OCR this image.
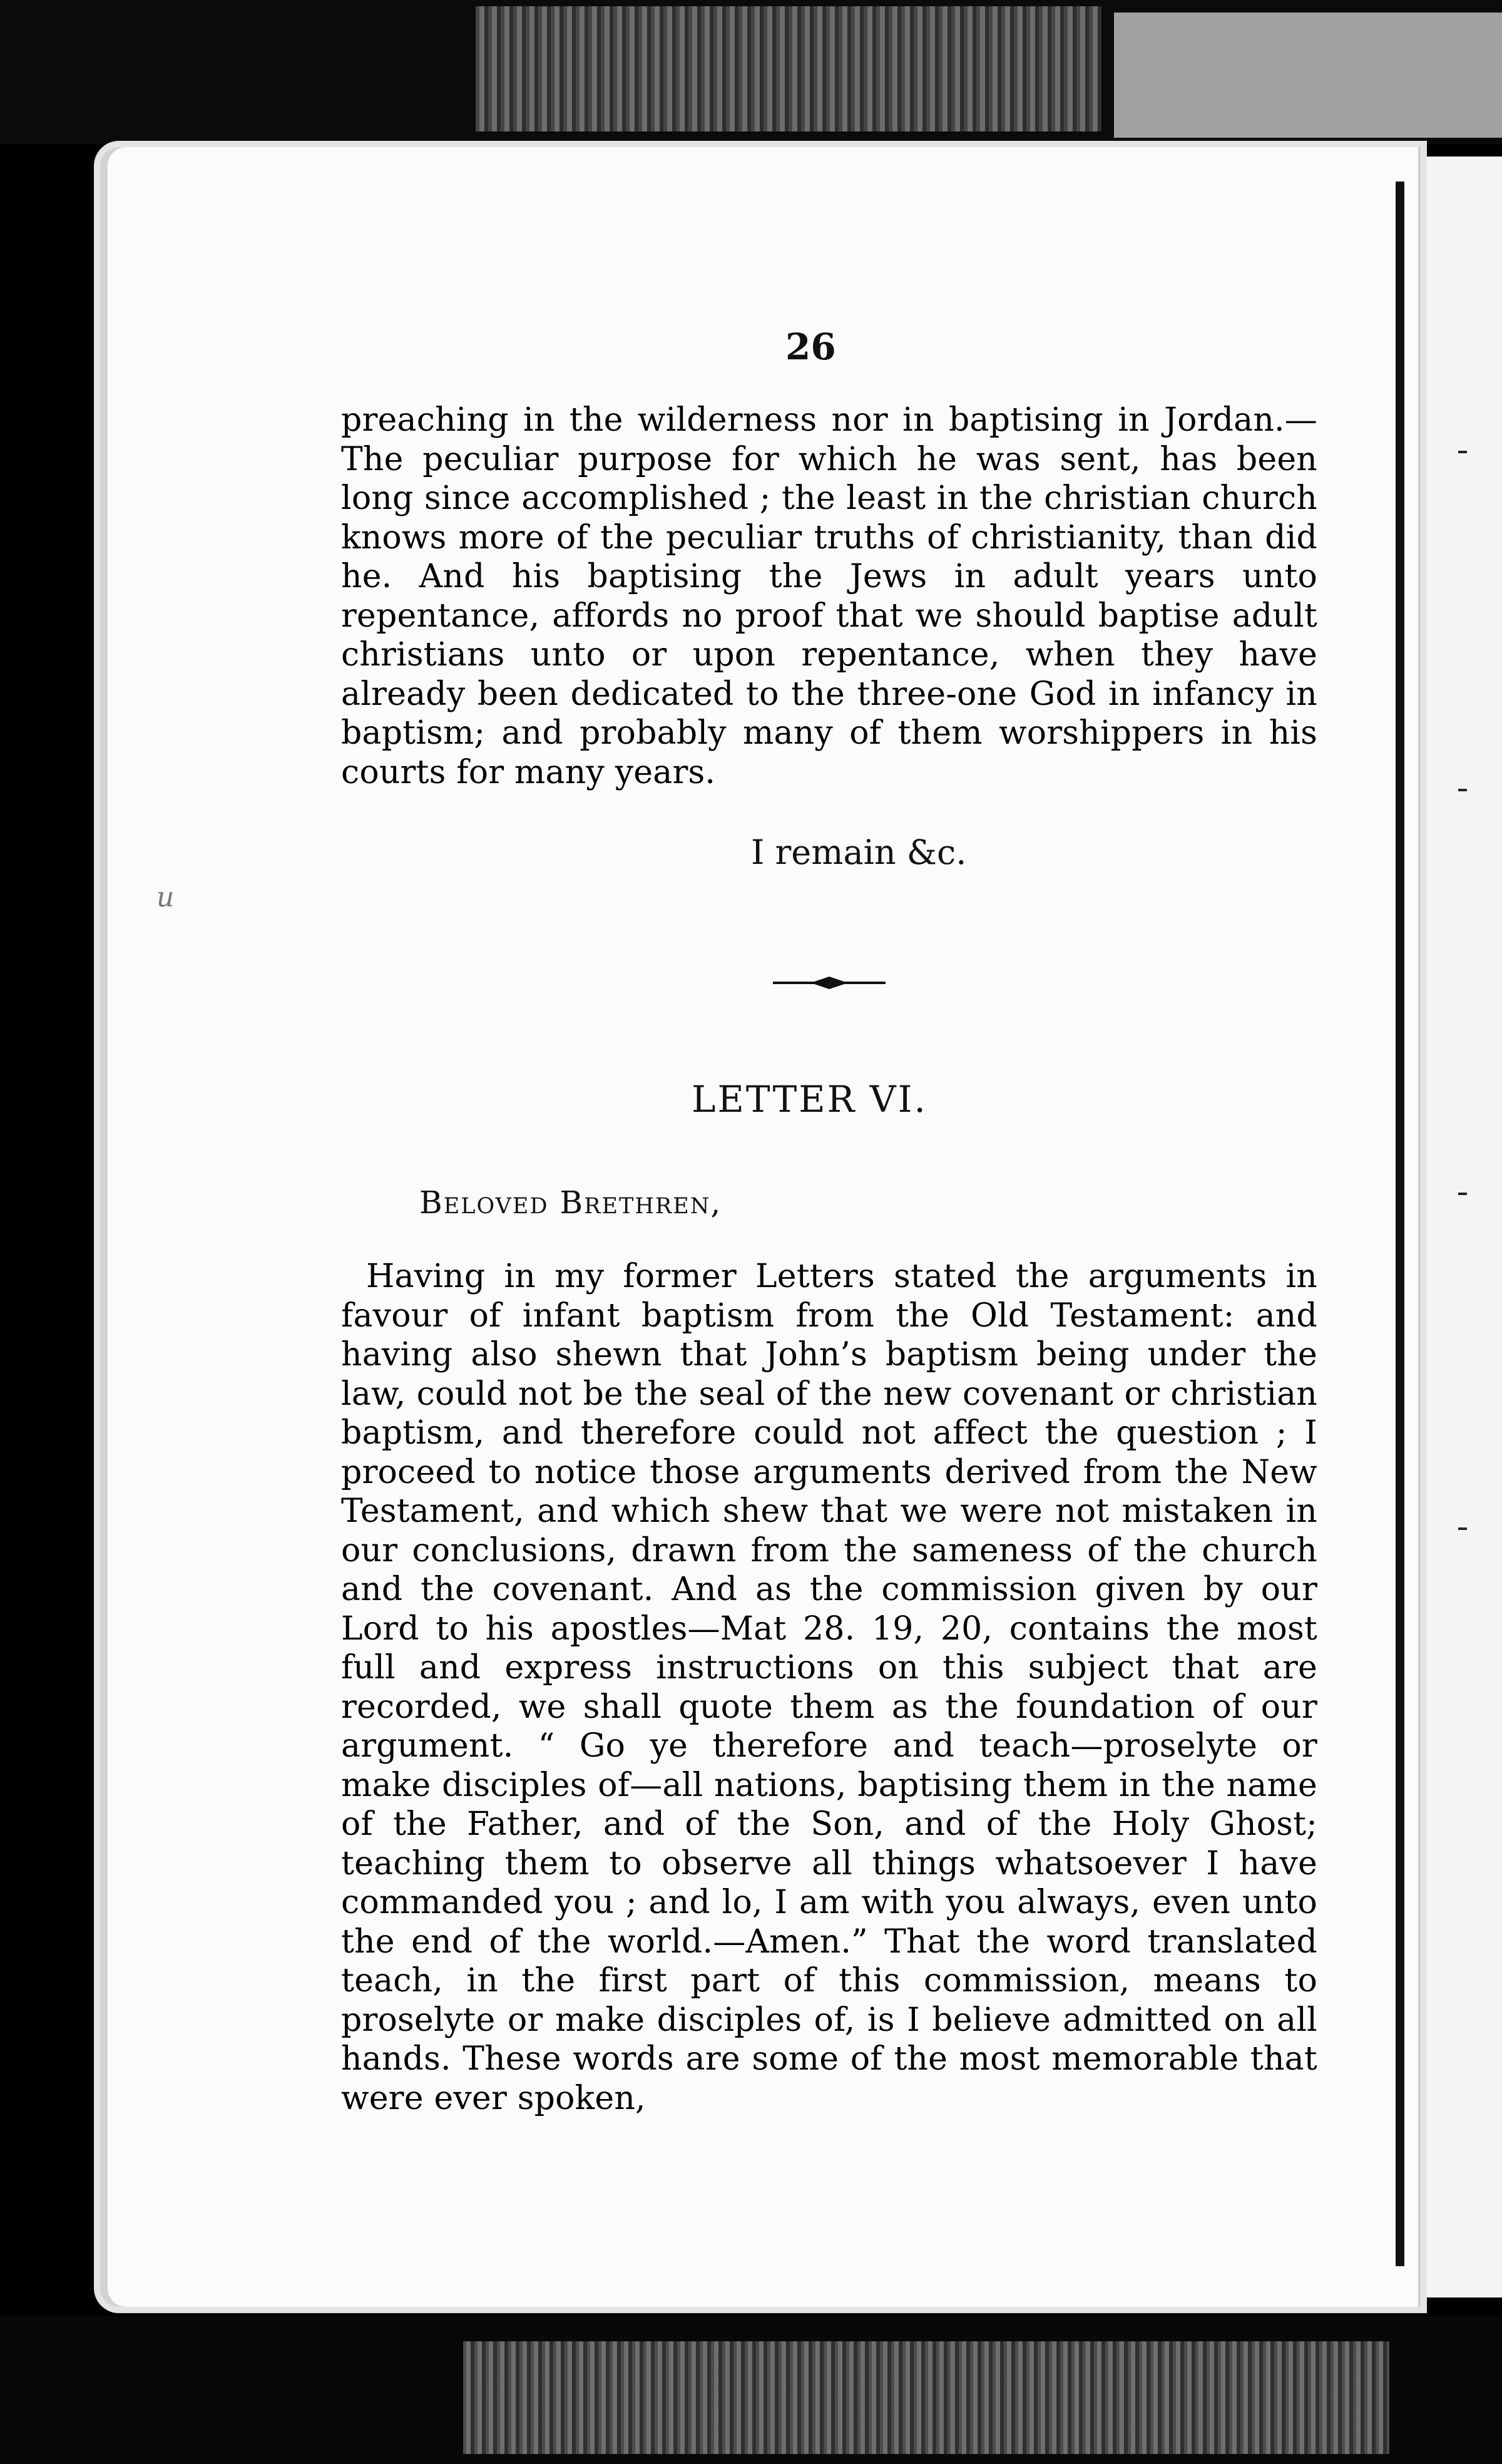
26

preaching in the wilderness nor in baptising in Jordan.—The peculiar purpose for which he was sent, has been long since accomplished ; the least in the christian church knows more of the peculiar truths of christianity, than did he. And his baptising the Jews in adult years unto repentance, affords no proof that we should baptise adult christians unto or upon repentance, when they have already been dedicated to the three-one God in infancy in baptism; and probably many of them worshippers in his courts for many years.

I remain &c.
LETTER VI.
Beloved Brethren,

Having in my former Letters stated the arguments in favour of infant baptism from the Old Testament: and having also shewn that John’s baptism being under the law, could not be the seal of the new covenant or christian baptism, and therefore could not affect the question ; I proceed to notice those arguments derived from the New Testament, and which shew that we were not mistaken in our conclusions, drawn from the sameness of the church and the covenant. And as the commission given by our Lord to his apostles—Mat 28. 19, 20, contains the most full and express instructions on this subject that are recorded, we shall quote them as the foundation of our argument. “ Go ye therefore and teach—proselyte or make disciples of—all nations, baptising them in the name of the Father, and of the Son, and of the Holy Ghost; teaching them to observe all things whatsoever I have commanded you ; and lo, I am with you always, even unto the end of the world.—Amen.” That the word translated teach, in the first part of this commission, means to proselyte or make disciples of, is I believe admitted on all hands. These words are some of the most memorable that were ever spoken,

u
